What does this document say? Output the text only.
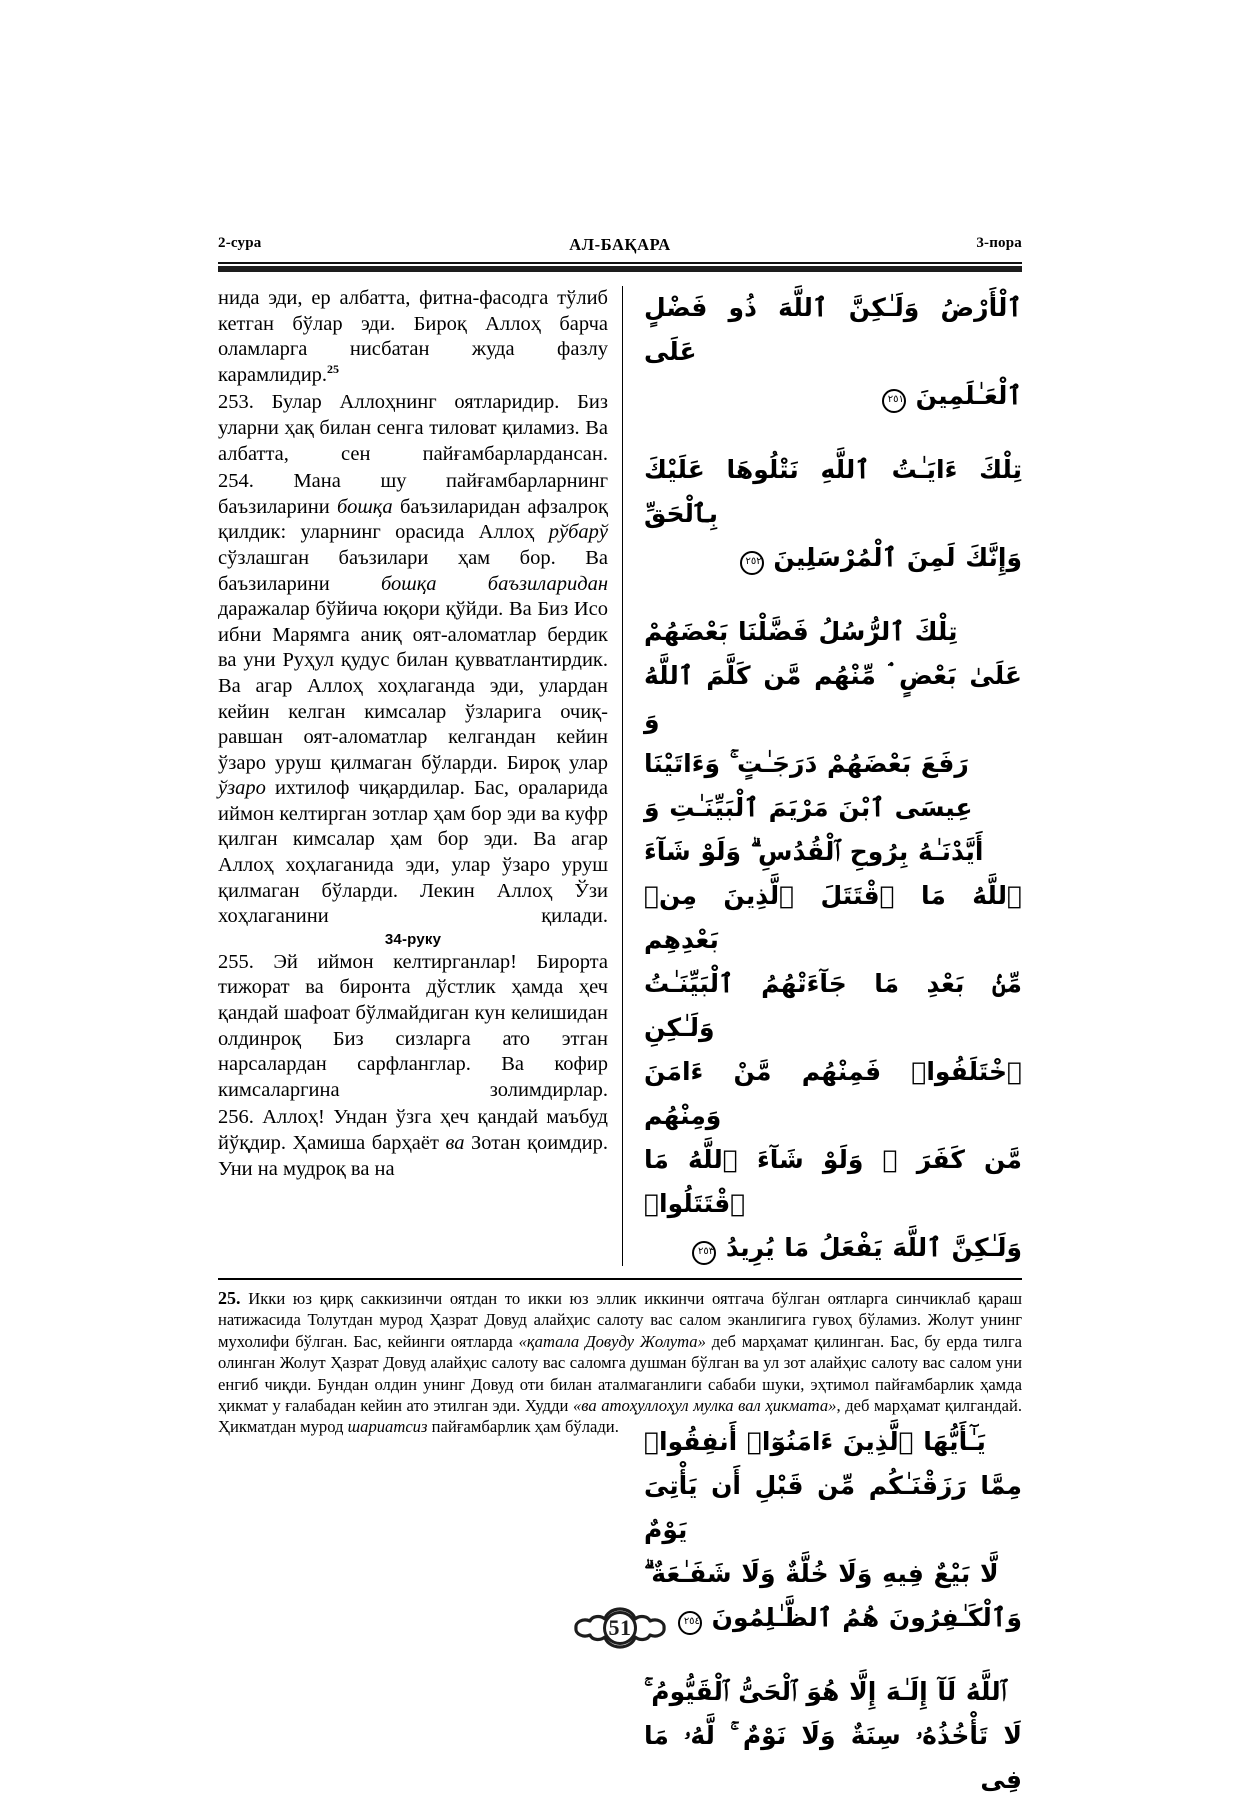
2-сура	АЛ-БАҚАРА	3-пора

нида эди, ер албатта, фитна-фасодга тўлиб кетган бўлар эди. Бироқ Аллоҳ барча оламларга нисбатан жуда фазлу карамлидир.$^{25}$

253. Булар Аллоҳнинг оятларидир. Биз уларни ҳақ билан сенга тиловат қиламиз. Ва албатта, сен пайғамбарлардансан.

254. Мана шу пайғамбарларнинг баъзиларини бошқа баъзиларидан афзалроқ қилдик: уларнинг орасида Аллоҳ рўбарў сўзлашган баъзилари ҳам бор. Ва баъзиларини бошқа баъзиларидан даражалар бўйича юқори қўйди. Ва Биз Исо ибни Марямга аниқ оят-аломатлар бердик ва уни Руҳул қудус билан қувватлантирдик. Ва агар Аллоҳ хоҳлаганда эди, улардан кейин келган кимсалар ўзларига очиқ-равшан оят-аломатлар келгандан кейин ўзаро уруш қилмаган бўларди. Бироқ улар ўзаро ихтилоф чиқардилар. Бас, ораларида иймон келтирган зотлар ҳам бор эди ва куфр қилган кимсалар ҳам бор эди. Ва агар Аллоҳ хоҳлаганида эди, улар ўзаро уруш қилмаган бўларди. Лекин Аллоҳ Ўзи хоҳлаганини қилади.

34-руку

255. Эй иймон келтирганлар! Бирорта тижорат ва биронта дўстлик ҳамда ҳеч қандай шафоат бўлмайдиган кун келишидан олдинроқ Биз сизларга ато этган нарсалардан сарфланглар. Ва кофир кимсаларгина золимдирлар.

256. Аллоҳ! Ундан ўзга ҳеч қандай маъбуд йўқдир. Ҳамиша барҳаёт ва Зотан қоимдир. Уни на мудроқ ва на

ٱلْأَرْضُ وَلَـٰكِنَّ ٱللَّهَ ذُو فَضْلٍ عَلَى
ٱلْعَـٰلَمِينَ ٢٥١
تِلْكَ ءَايَـٰتُ ٱللَّهِ نَتْلُوهَا عَلَيْكَ بِٱلْحَقِّ
وَإِنَّكَ لَمِنَ ٱلْمُرْسَلِينَ ٢٥٢
تِلْكَ ٱلرُّسُلُ فَضَّلْنَا بَعْضَهُمْ
عَلَىٰ بَعْضٍ ۘ مِّنْهُم مَّن كَلَّمَ ٱللَّهُ وَ
رَفَعَ بَعْضَهُمْ دَرَجَـٰتٍ ۚ وَءَاتَيْنَا
عِيسَى ٱبْنَ مَرْيَمَ ٱلْبَيِّنَـٰتِ وَ
أَيَّدْنَـٰهُ بِرُوحِ ٱلْقُدُسِ ۗ وَلَوْ شَآءَ
ٱللَّهُ مَا ٱقْتَتَلَ ٱلَّذِينَ مِنۢ بَعْدِهِم
مِّنۢ بَعْدِ مَا جَآءَتْهُمُ ٱلْبَيِّنَـٰتُ وَلَـٰكِنِ
ٱخْتَلَفُوا۟ فَمِنْهُم مَّنْ ءَامَنَ وَمِنْهُم
مَّن كَفَرَ ۚ وَلَوْ شَآءَ ٱللَّهُ مَا ٱقْتَتَلُوا۟
وَلَـٰكِنَّ ٱللَّهَ يَفْعَلُ مَا يُرِيدُ ٢٥٣
يَـٰٓأَيُّهَا ٱلَّذِينَ ءَامَنُوٓا۟ أَنفِقُوا۟
مِمَّا رَزَقْنَـٰكُم مِّن قَبْلِ أَن يَأْتِىَ يَوْمٌ
لَّا بَيْعٌ فِيهِ وَلَا خُلَّةٌ وَلَا شَفَـٰعَةٌ ۗ
وَٱلْكَـٰفِرُونَ هُمُ ٱلظَّـٰلِمُونَ ٢٥٤
ٱللَّهُ لَآ إِلَـٰهَ إِلَّا هُوَ ٱلْحَىُّ ٱلْقَيُّومُ ۚ
لَا تَأْخُذُهُۥ سِنَةٌ وَلَا نَوْمٌ ۚ لَّهُۥ مَا فِى
25. Икки юз қирқ саккизинчи оятдан то икки юз эллик иккинчи оятгача бўлган оятларга синчиклаб қараш натижасида Толутдан мурод Ҳазрат Довуд алайҳис салоту вас салом эканлигига гувоҳ бўламиз. Жолут унинг мухолифи бўлган. Бас, кейинги оятларда «қатала Довуду Жолута» деб марҳамат қилинган. Бас, бу ерда тилга олинган Жолут Ҳазрат Довуд алайҳис салоту вас саломга душман бўлган ва ул зот алайҳис салоту вас салом уни енгиб чиқди. Бундан олдин унинг Довуд оти билан аталмаганлиги сабаби шуки, эҳтимол пайғамбарлик ҳамда ҳикмат у ғалабадан кейин ато этилган эди. Худди «ва атоҳуллоҳул мулка вал ҳикмата», деб марҳамат қилгандай. Ҳикматдан мурод шариатсиз пайғамбарлик ҳам бўлади.
51
